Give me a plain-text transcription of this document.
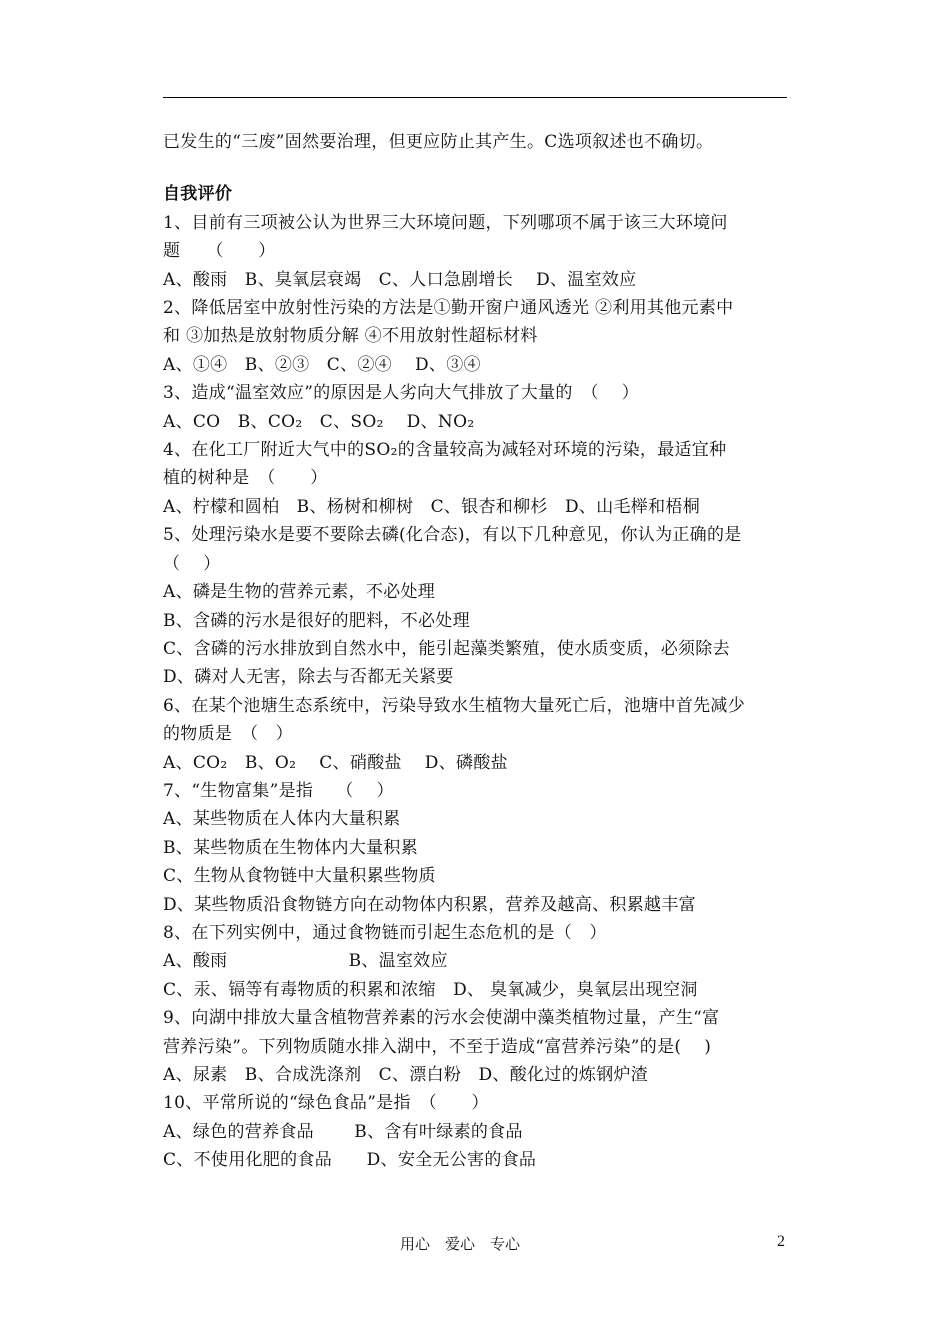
已发生的“三废”固然要治理，但更应防止其产生。C选项叙述也不确切。
自我评价
1、目前有三项被公认为世界三大环境问题，下列哪项不属于该三大环境问
题　　（　　）
A、酸雨　B、臭氧层衰竭　C、人口急剧增长　 D、温室效应
2、降低居室中放射性污染的方法是①勤开窗户通风透光 ②利用其他元素中
和 ③加热是放射物质分解 ④不用放射性超标材料
A、①④　B、②③　C、②④　 D、③④
3、造成“温室效应”的原因是人劣向大气排放了大量的　（　 ）
A、CO　B、CO₂　C、SO₂　 D、NO₂
4、在化工厂附近大气中的SO₂的含量较高为减轻对环境的污染，最适宜种
植的树种是　（　　）
A、柠檬和圆柏　B、杨树和柳树　C、银杏和柳杉　D、山毛榉和梧桐
5、处理污染水是要不要除去磷(化合态)，有以下几种意见，你认为正确的是
（　 ）
A、磷是生物的营养元素，不必处理
B、含磷的污水是很好的肥料，不必处理
C、含磷的污水排放到自然水中，能引起藻类繁殖，使水质变质，必须除去
D、磷对人无害，除去与否都无关紧要
6、在某个池塘生态系统中，污染导致水生植物大量死亡后，池塘中首先减少
的物质是　（　）
A、CO₂　B、O₂　 C、硝酸盐　 D、磷酸盐
7、“生物富集”是指　 （　 ）
A、某些物质在人体内大量积累
B、某些物质在生物体内大量积累
C、生物从食物链中大量积累些物质
D、某些物质沿食物链方向在动物体内积累，营养及越高、积累越丰富
8、在下列实例中，通过食物链而引起生态危机的是（　）
A、酸雨　　　　　　　B、温室效应
C、汞、镉等有毒物质的积累和浓缩　D、 臭氧减少，臭氧层出现空洞
9、向湖中排放大量含植物营养素的污水会使湖中藻类植物过量，产生“富
营养污染”。下列物质随水排入湖中，不至于造成“富营养污染”的是(　 )
A、尿素　B、合成洗涤剂　C、漂白粉　D、酸化过的炼钢炉渣
10、平常所说的“绿色食品”是指　（　　）
A、绿色的营养食品　　 B、含有叶绿素的食品
C、不使用化肥的食品　　D、安全无公害的食品
用心　爱心　专心	2
